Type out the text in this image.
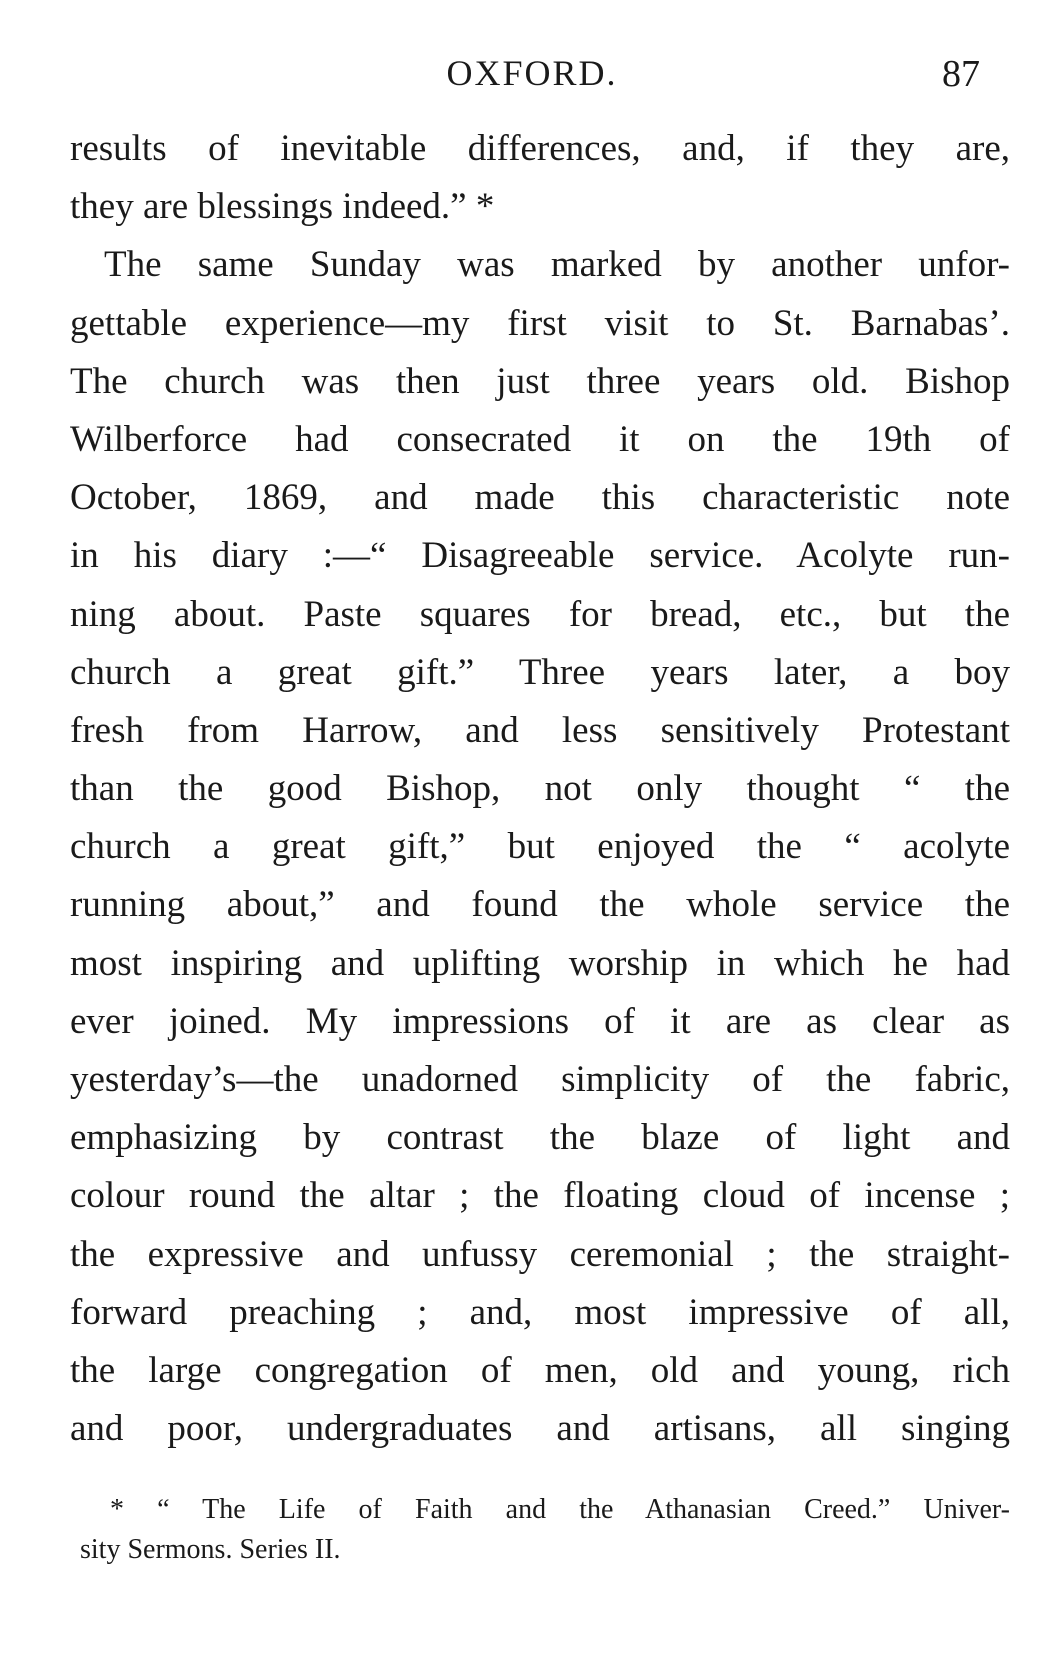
OXFORD.	87
results of inevitable differences, and, if they are,
they are blessings indeed.” *
The same Sunday was marked by another unfor-
gettable experience—my first visit to St. Barnabas’.
The church was then just three years old. Bishop
Wilberforce had consecrated it on the 19th of
October, 1869, and made this characteristic note
in his diary :—“ Disagreeable service. Acolyte run-
ning about. Paste squares for bread, etc., but the
church a great gift.” Three years later, a boy
fresh from Harrow, and less sensitively Protestant
than the good Bishop, not only thought “ the
church a great gift,” but enjoyed the “ acolyte
running about,” and found the whole service the
most inspiring and uplifting worship in which he had
ever joined. My impressions of it are as clear as
yesterday’s—the unadorned simplicity of the fabric,
emphasizing by contrast the blaze of light and
colour round the altar ; the floating cloud of incense ;
the expressive and unfussy ceremonial ; the straight-
forward preaching ; and, most impressive of all,
the large congregation of men, old and young, rich
and poor, undergraduates and artisans, all singing
* “ The Life of Faith and the Athanasian Creed.” Univer-
sity Sermons. Series II.
